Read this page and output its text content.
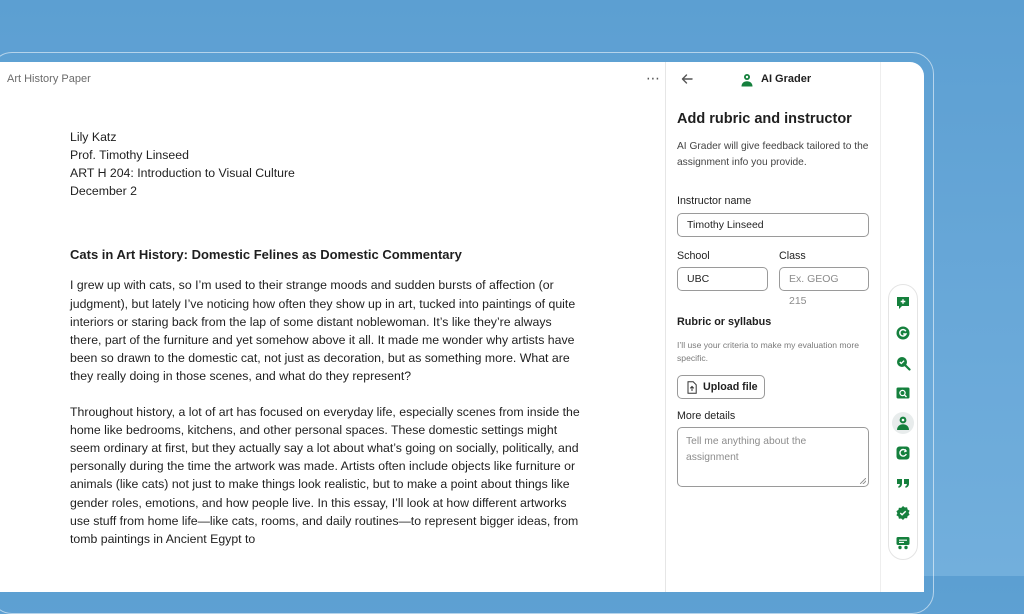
Art History Paper	⋯
Lily Katz
Prof. Timothy Linseed
ART H 204: Introduction to Visual Culture
December 2
Cats in Art History: Domestic Felines as Domestic Commentary
I grew up with cats, so I’m used to their strange moods and sudden bursts of affection (or judgment), but lately I’ve noticing how often they show up in art, tucked into paintings of quite interiors or staring back from the lap of some distant noblewoman. It’s like they’re always there, part of the furniture and yet somehow above it all. It made me wonder why artists have been so drawn to the domestic cat, not just as decoration, but as something more. What are they really doing in those scenes, and what do they represent?
Throughout history, a lot of art has focused on everyday life, especially scenes from inside the home like bedrooms, kitchens, and other personal spaces. These domestic settings might seem ordinary at first, but they actually say a lot about what’s going on socially, politically, and personally during the time the artwork was made. Artists often include objects like furniture or animals (like cats) not just to make things look realistic, but to make a point about things like gender roles, emotions, and how people live. In this essay, I’ll look at how different artworks use stuff from home life—like cats, rooms, and daily routines—to represent bigger ideas, from tomb paintings in Ancient Egypt to
AI Grader
Add rubric and instructor
AI Grader will give feedback tailored to the assignment info you provide.
Instructor name
Timothy Linseed
School
UBC
Class
Ex. GEOG 215
Rubric or syllabus
I’ll use your criteria to make my evaluation more specific.
Upload file
More details
Tell me anything about the assignment
